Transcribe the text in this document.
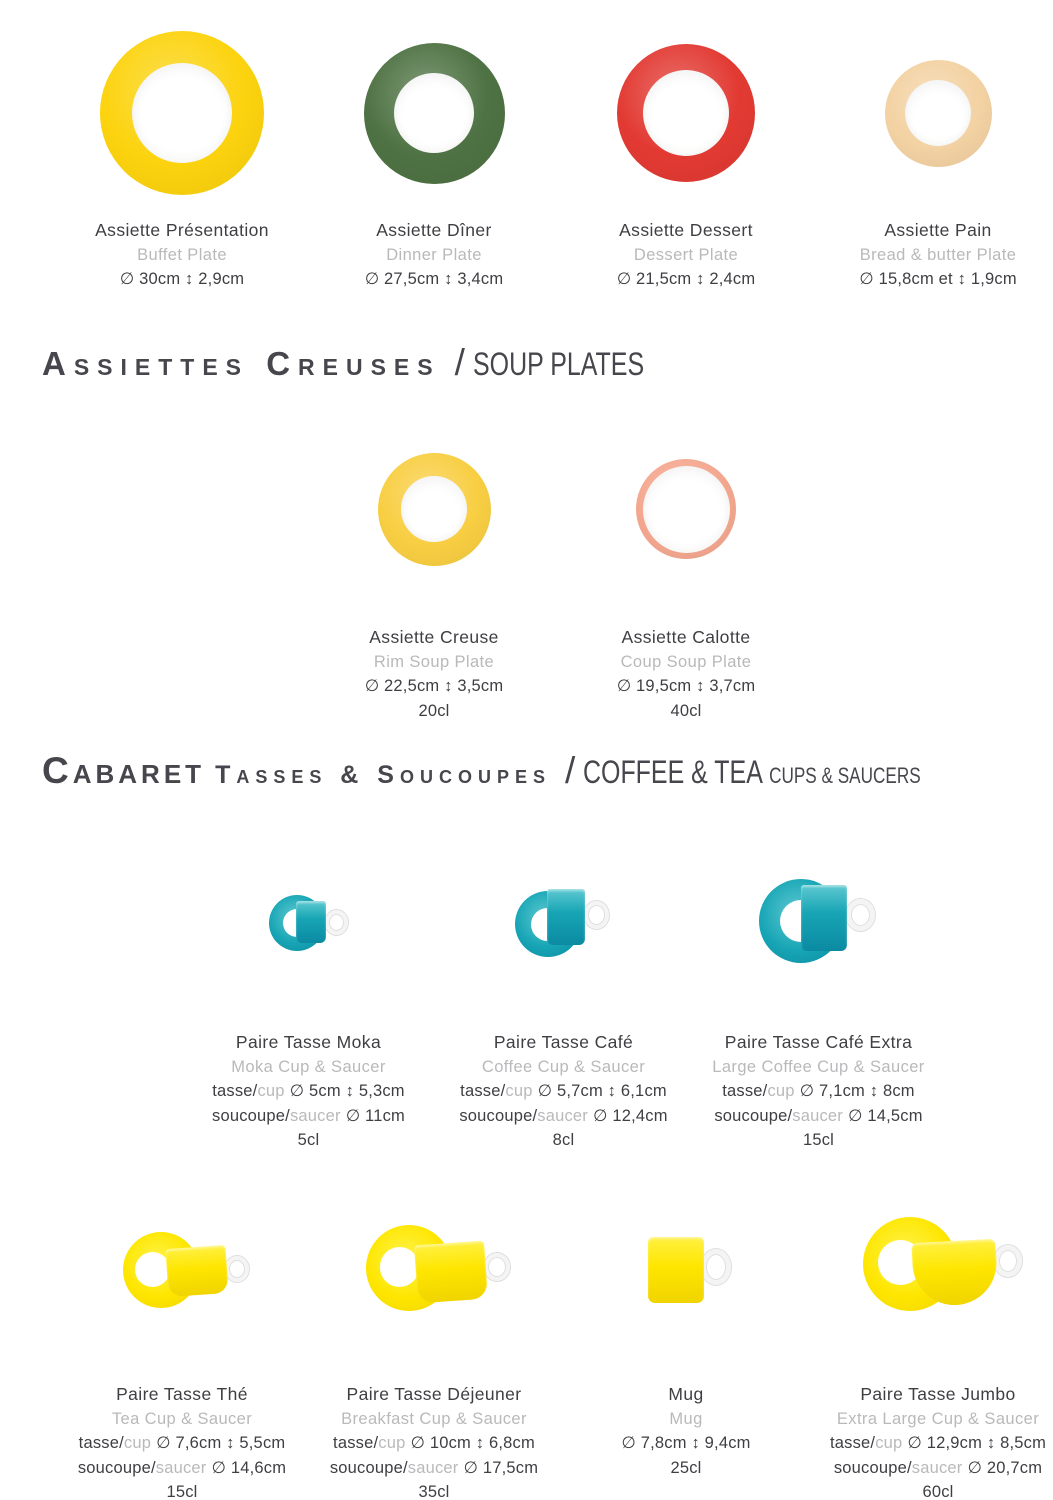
Assiette Présentation
Buffet Plate
∅ 30cm ↕ 2,9cm
Assiette Dîner
Dinner Plate
∅ 27,5cm ↕ 3,4cm
Assiette Dessert
Dessert Plate
∅ 21,5cm ↕ 2,4cm
Assiette Pain
Bread & butter Plate
∅ 15,8cm et ↕ 1,9cm
Assiettes Creuses / SOUP PLATES
Assiette Creuse
Rim Soup Plate
∅ 22,5cm ↕ 3,5cm
20cl
Assiette Calotte
Coup Soup Plate
∅ 19,5cm ↕ 3,7cm
40cl
Cabaret Tasses & Soucoupes / COFFEE & TEA CUPS & SAUCERS
Paire Tasse Moka
Moka Cup & Saucer
tasse/cup ∅ 5cm ↕ 5,3cm
soucoupe/saucer ∅ 11cm
5cl
Paire Tasse Café
Coffee Cup & Saucer
tasse/cup ∅ 5,7cm ↕ 6,1cm
soucoupe/saucer ∅ 12,4cm
8cl
Paire Tasse Café Extra
Large Coffee Cup & Saucer
tasse/cup ∅ 7,1cm ↕ 8cm
soucoupe/saucer ∅ 14,5cm
15cl
Paire Tasse Thé
Tea Cup & Saucer
tasse/cup ∅ 7,6cm ↕ 5,5cm
soucoupe/saucer ∅ 14,6cm
15cl
Paire Tasse Déjeuner
Breakfast Cup & Saucer
tasse/cup ∅ 10cm ↕ 6,8cm
soucoupe/saucer ∅ 17,5cm
35cl
Mug
Mug
∅ 7,8cm ↕ 9,4cm
25cl
Paire Tasse Jumbo
Extra Large Cup & Saucer
tasse/cup ∅ 12,9cm ↕ 8,5cm
soucoupe/saucer ∅ 20,7cm
60cl
